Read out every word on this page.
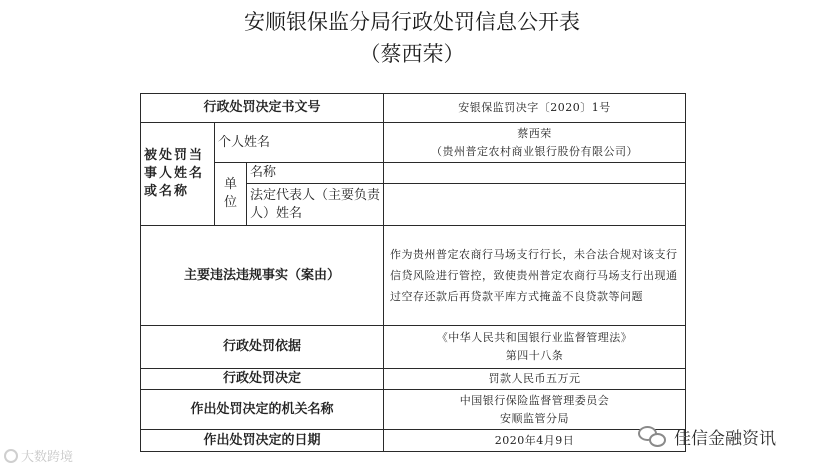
安顺银保监分局行政处罚信息公开表
（蔡西荣）
行政处罚决定书文号			安银保监罚决字〔2020〕1号
被处罚当事人姓名或名称	个人姓名		蔡西荣
（贵州普定农村商业银行股份有限公司）

	单位	名称	
		法定代表人（主要负责人）姓名	
主要违法违规事实（案由）			作为贵州普定农商行马场支行行长，未合法合规对该支行信贷风险进行管控，致使贵州普定农商行马场支行出现通过空存还款后再贷款平库方式掩盖不良贷款等问题
行政处罚依据			《中华人民共和国银行业监督管理法》
第四十八条

行政处罚决定			罚款人民币五万元
作出处罚决定的机关名称			中国银行保险监督管理委员会
安顺监管分局

作出处罚决定的日期			2020年4月9日
大数跨境
佳信金融资讯
